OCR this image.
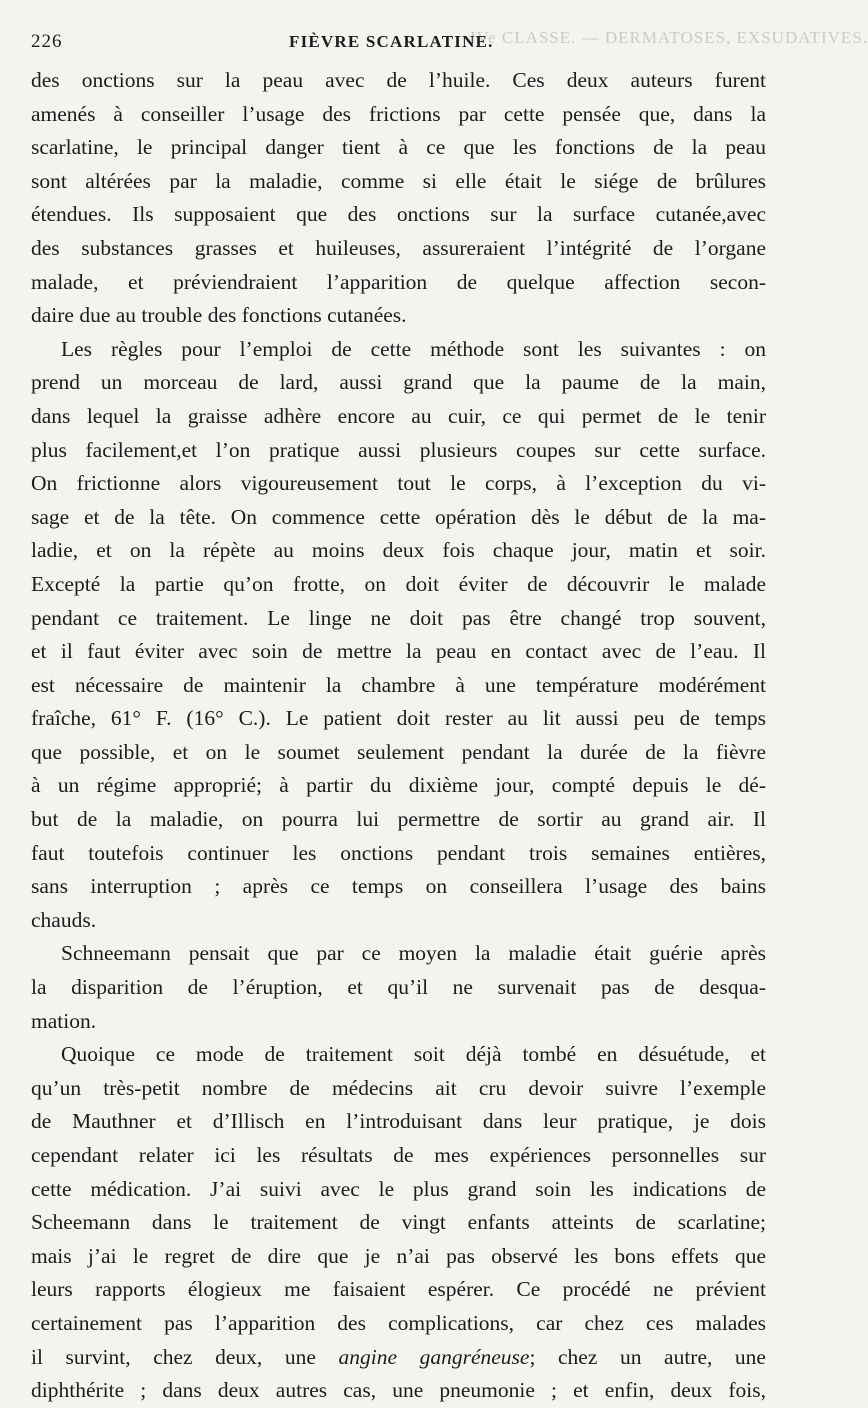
IVe CLASSE. — DERMATOSES, EXSUDATIVES.
226	FIÈVRE SCARLATINE.
des onctions sur la peau avec de l’huile. Ces deux auteurs furent
amenés à conseiller l’usage des frictions par cette pensée que, dans la
scarlatine, le principal danger tient à ce que les fonctions de la peau
sont altérées par la maladie, comme si elle était le siége de brûlures
étendues. Ils supposaient que des onctions sur la surface cutanée,avec
des substances grasses et huileuses, assureraient l’intégrité de l’organe
malade, et préviendraient l’apparition de quelque affection secon-
daire due au trouble des fonctions cutanées.
Les règles pour l’emploi de cette méthode sont les suivantes : on
prend un morceau de lard, aussi grand que la paume de la main,
dans lequel la graisse adhère encore au cuir, ce qui permet de le tenir
plus facilement,et l’on pratique aussi plusieurs coupes sur cette surface.
On frictionne alors vigoureusement tout le corps, à l’exception du vi-
sage et de la tête. On commence cette opération dès le début de la ma-
ladie, et on la répète au moins deux fois chaque jour, matin et soir.
Excepté la partie qu’on frotte, on doit éviter de découvrir le malade
pendant ce traitement. Le linge ne doit pas être changé trop souvent,
et il faut éviter avec soin de mettre la peau en contact avec de l’eau. Il
est nécessaire de maintenir la chambre à une température modérément
fraîche, 61° F. (16° C.). Le patient doit rester au lit aussi peu de temps
que possible, et on le soumet seulement pendant la durée de la fièvre
à un régime approprié; à partir du dixième jour, compté depuis le dé-
but de la maladie, on pourra lui permettre de sortir au grand air. Il
faut toutefois continuer les onctions pendant trois semaines entières,
sans interruption ; après ce temps on conseillera l’usage des bains
chauds.
Schneemann pensait que par ce moyen la maladie était guérie après
la disparition de l’éruption, et qu’il ne survenait pas de desqua-
mation.
Quoique ce mode de traitement soit déjà tombé en désuétude, et
qu’un très-petit nombre de médecins ait cru devoir suivre l’exemple
de Mauthner et d’Illisch en l’introduisant dans leur pratique, je dois
cependant relater ici les résultats de mes expériences personnelles sur
cette médication. J’ai suivi avec le plus grand soin les indications de
Scheemann dans le traitement de vingt enfants atteints de scarlatine;
mais j’ai le regret de dire que je n’ai pas observé les bons effets que
leurs rapports élogieux me faisaient espérer. Ce procédé ne prévient
certainement pas l’apparition des complications, car chez ces malades
il survint, chez deux, une angine gangréneuse; chez un autre, une
diphthérite ; dans deux autres cas, une pneumonie ; et enfin, deux fois,
